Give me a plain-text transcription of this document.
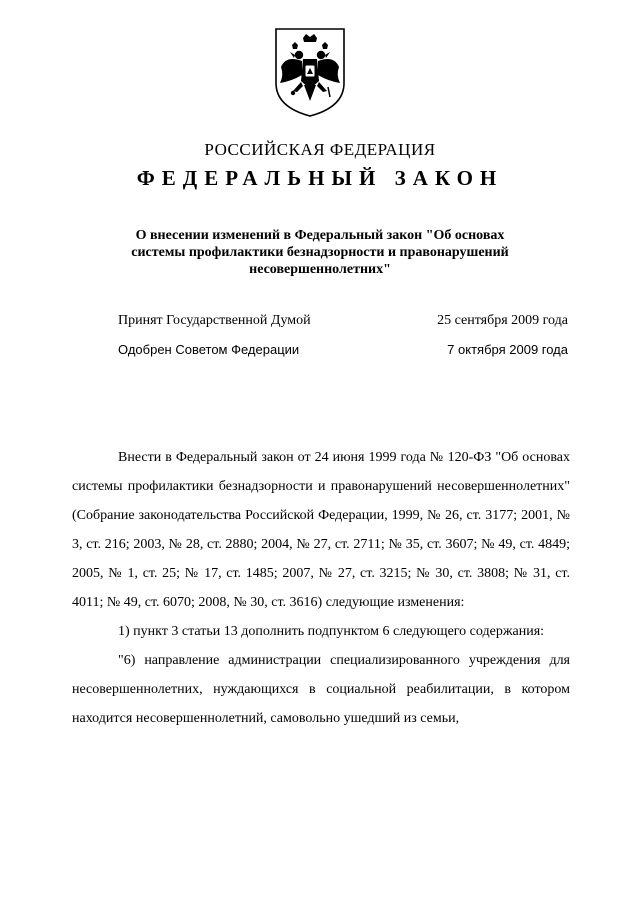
РОССИЙСКАЯ ФЕДЕРАЦИЯ
ФЕДЕРАЛЬНЫЙ ЗАКОН
О внесении изменений в Федеральный закон "Об основах
системы профилактики безнадзорности и правонарушений
несовершеннолетних"
Принят Государственной Думой	25 сентября 2009 года
Одобрен Советом Федерации	7 октября 2009 года

Внести в Федеральный закон от 24 июня 1999 года № 120-ФЗ "Об основах системы профилактики безнадзорности и правонарушений несовершеннолетних" (Собрание законодательства Российской Федерации, 1999, № 26, ст. 3177; 2001, № 3, ст. 216; 2003, № 28, ст. 2880; 2004, № 27, ст. 2711; № 35, ст. 3607; № 49, ст. 4849; 2005, № 1, ст. 25; № 17, ст. 1485; 2007, № 27, ст. 3215; № 30, ст. 3808; № 31, ст. 4011; № 49, ст. 6070; 2008, № 30, ст. 3616) следующие изменения:

1) пункт 3 статьи 13 дополнить подпунктом 6 следующего содержания:

"6) направление администрации специализированного учреждения для несовершеннолетних, нуждающихся в социальной реабилитации, в котором находится несовершеннолетний, самовольно ушедший из семьи,
